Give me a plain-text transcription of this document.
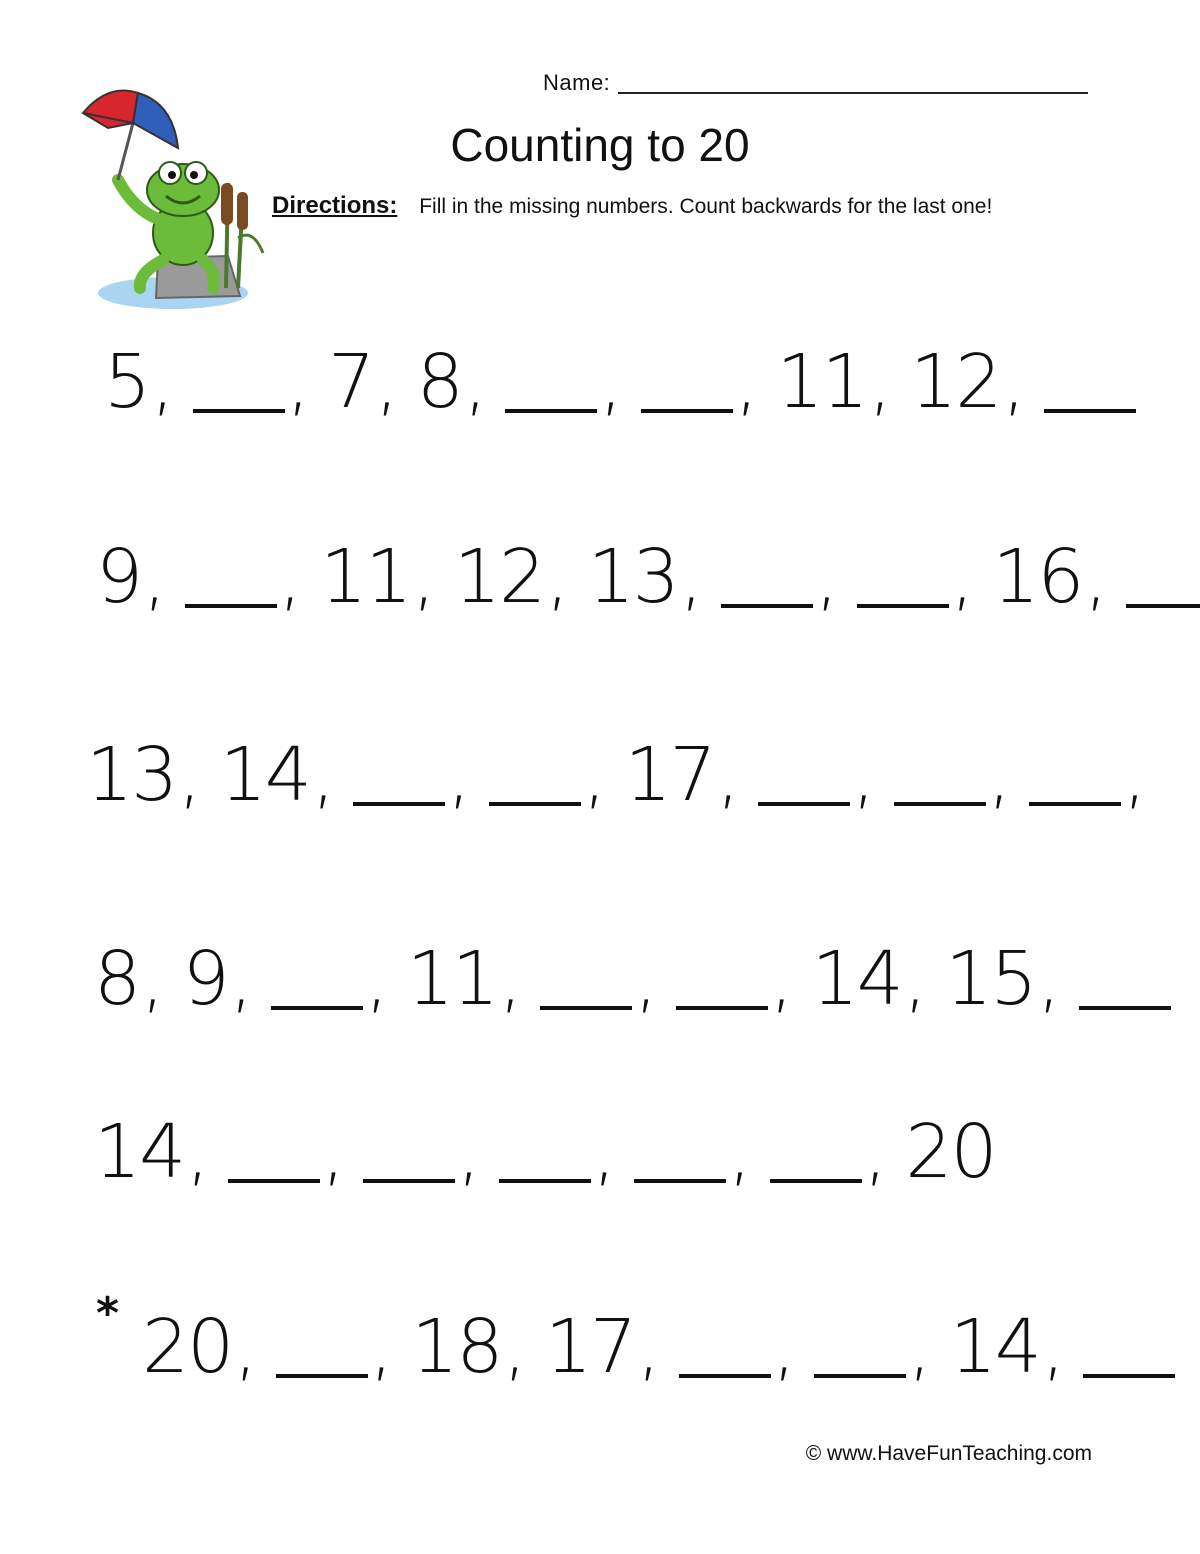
Name:
Counting to 20
Directions: Fill in the missing numbers. Count backwards for the last one!
5 , , 7 , 8 , , , 11 , 12 ,
9 , , 11 , 12 , 13 , , , 16 ,
13 , 14 , , , 17 , , , ,
8 , 9 , , 11 , , , 14 , 15 ,
14 , , , , , , 20
20 , , 18 , 17 , , , 14 ,
*
© www.HaveFunTeaching.com
